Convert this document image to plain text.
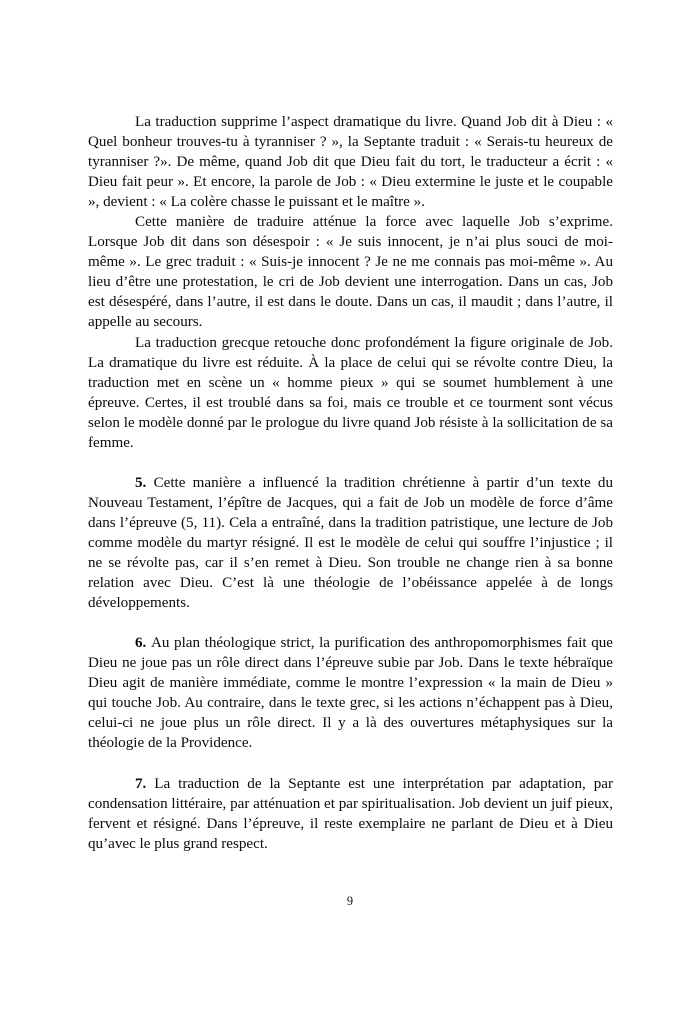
La traduction supprime l’aspect dramatique du livre. Quand Job dit à Dieu : « Quel bonheur trouves-tu à tyranniser ? », la Septante traduit : « Serais-tu heureux de tyranniser ?». De même, quand Job dit que Dieu fait du tort, le traducteur a écrit : « Dieu fait peur ». Et encore, la parole de Job : « Dieu extermine le juste et le coupable », devient : « La colère chasse le puissant et le maître ».

Cette manière de traduire atténue la force avec laquelle Job s’exprime. Lorsque Job dit dans son désespoir : « Je suis innocent, je n’ai plus souci de moi-même ». Le grec traduit : « Suis-je innocent ? Je ne me connais pas moi-même ». Au lieu d’être une protestation, le cri de Job devient une interrogation. Dans un cas, Job est désespéré, dans l’autre, il est dans le doute. Dans un cas, il maudit ; dans l’autre, il appelle au secours.

La traduction grecque retouche donc profondément la figure originale de Job. La dramatique du livre est réduite. À la place de celui qui se révolte contre Dieu, la traduction met en scène un « homme pieux » qui se soumet humblement à une épreuve. Certes, il est troublé dans sa foi, mais ce trouble et ce tourment sont vécus selon le modèle donné par le prologue du livre quand Job résiste à la sollicitation de sa femme.

5. Cette manière a influencé la tradition chrétienne à partir d’un texte du Nouveau Testament, l’épître de Jacques, qui a fait de Job un modèle de force d’âme dans l’épreuve (5, 11). Cela a entraîné, dans la tradition patristique, une lecture de Job comme modèle du martyr résigné. Il est le modèle de celui qui souffre l’injustice ; il ne se révolte pas, car il s’en remet à Dieu. Son trouble ne change rien à sa bonne relation avec Dieu. C’est là une théologie de l’obéissance appelée à de longs développements.

6. Au plan théologique strict, la purification des anthropomorphismes fait que Dieu ne joue pas un rôle direct dans l’épreuve subie par Job. Dans le texte hébraïque Dieu agit de manière immédiate, comme le montre l’expression « la main de Dieu » qui touche Job. Au contraire, dans le texte grec, si les actions n’échappent pas à Dieu, celui-ci ne joue plus un rôle direct. Il y a là des ouvertures métaphysiques sur la théologie de la Providence.

7. La traduction de la Septante est une interprétation par adaptation, par condensation littéraire, par atténuation et par spiritualisation. Job devient un juif pieux, fervent et résigné. Dans l’épreuve, il reste exemplaire ne parlant de Dieu et à Dieu qu’avec le plus grand respect.

9
